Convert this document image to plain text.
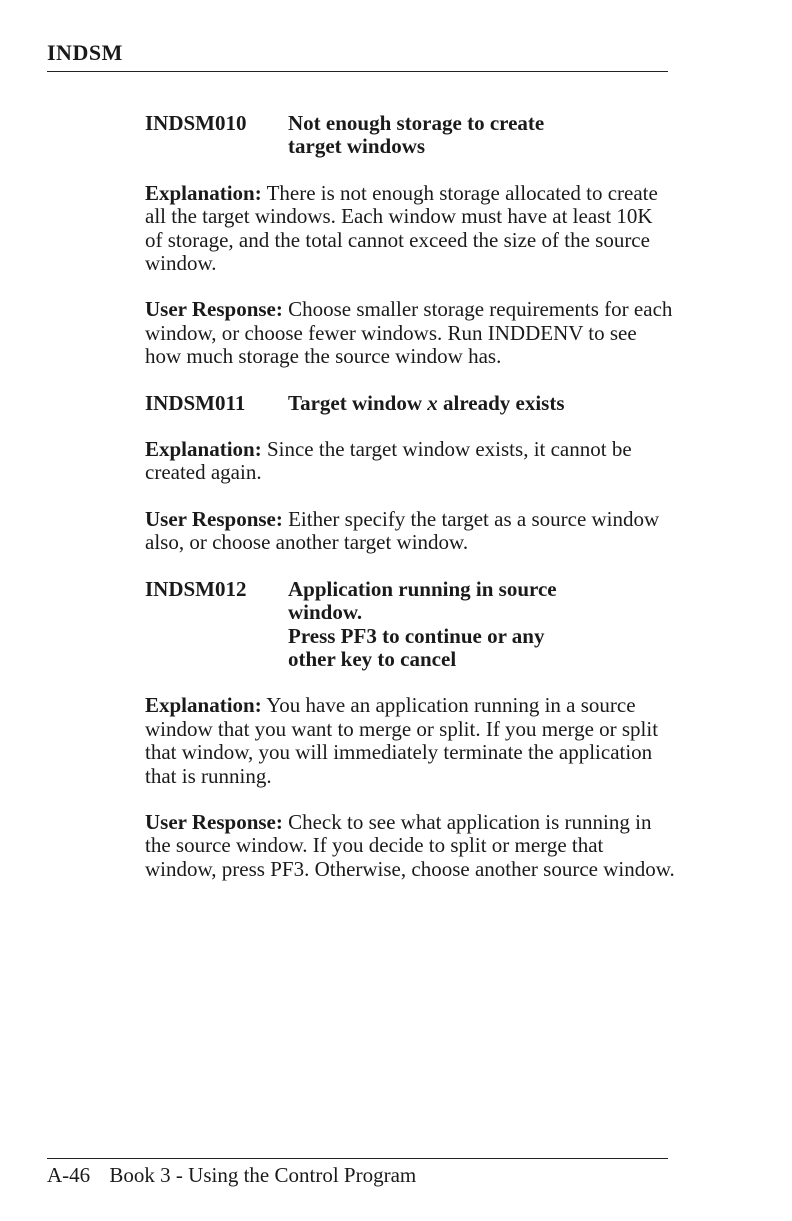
INDSM
INDSM010	Not enough storage to create
target windows

Explanation: There is not enough storage allocated to create all the target windows. Each window must have at least 10K of storage, and the total cannot exceed the size of the source window.

User Response: Choose smaller storage requirements for each window, or choose fewer windows. Run INDDENV to see how much storage the source window has.

INDSM011	Target window x already exists

Explanation: Since the target window exists, it cannot be created again.

User Response: Either specify the target as a source window also, or choose another target window.

INDSM012	Application running in source
window.
Press PF3 to continue or any
other key to cancel

Explanation: You have an application running in a source window that you want to merge or split. If you merge or split that window, you will immediately terminate the application that is running.

User Response: Check to see what application is running in the source window. If you decide to split or merge that window, press PF3. Otherwise, choose another source window.

A-46 Book 3 - Using the Control Program
